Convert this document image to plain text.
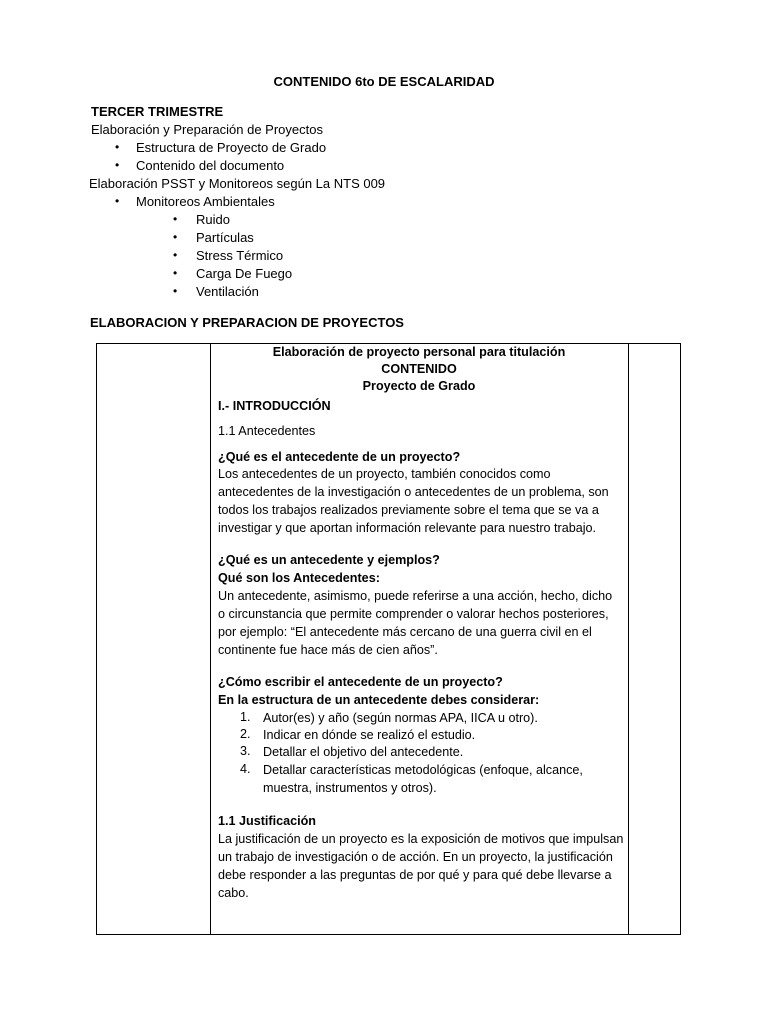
CONTENIDO 6to DE ESCALARIDAD
TERCER TRIMESTRE
Elaboración y Preparación de Proyectos
• Estructura de Proyecto de Grado
• Contenido del documento
Elaboración PSST y Monitoreos según La NTS 009
• Monitoreos Ambientales
• Ruido
• Partículas
• Stress Térmico
• Carga De Fuego
• Ventilación
ELABORACION Y PREPARACION DE PROYECTOS

Elaboración de proyecto personal para titulación
CONTENIDO
Proyecto de Grado
I.- INTRODUCCIÓN
1.1 Antecedentes
¿Qué es el antecedente de un proyecto?
Los antecedentes de un proyecto, también conocidos como
antecedentes de la investigación o antecedentes de un problema, son
todos los trabajos realizados previamente sobre el tema que se va a
investigar y que aportan información relevante para nuestro trabajo.
¿Qué es un antecedente y ejemplos?
Qué son los Antecedentes:
Un antecedente, asimismo, puede referirse a una acción, hecho, dicho
o circunstancia que permite comprender o valorar hechos posteriores,
por ejemplo: “El antecedente más cercano de una guerra civil en el
continente fue hace más de cien años”.
¿Cómo escribir el antecedente de un proyecto?
En la estructura de un antecedente debes considerar:
1. Autor(es) y año (según normas APA, IICA u otro).
2. Indicar en dónde se realizó el estudio.
3. Detallar el objetivo del antecedente.
4. Detallar características metodológicas (enfoque, alcance,
muestra, instrumentos y otros).
1.1 Justificación
La justificación de un proyecto es la exposición de motivos que impulsan
un trabajo de investigación o de acción. En un proyecto, la justificación
debe responder a las preguntas de por qué y para qué debe llevarse a
cabo.
